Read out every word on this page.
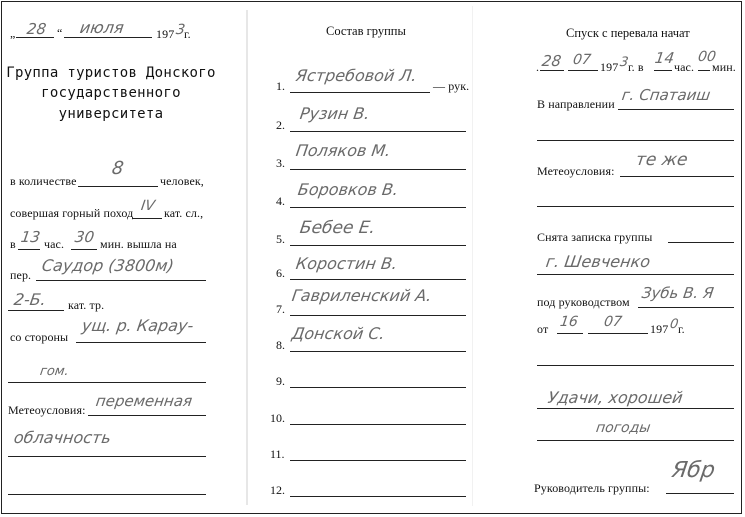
„ 28 “ июля	197 3
г.
Группа туристов Донского
государственного
университета
в количестве
8
человек,
совершая горный поход IV кат. сл.,
в 13 час. 30 мин. вышла на
пер. Саудор (3800м)
2-Б. кат. тр.
со стороны
ущ. р. Карау-
гом.
Метеоусловия: переменная
облачность
Состав группы
1.
Ястребовой Л.
— рук.
2.
Рузин В.
3.
Поляков М.
4.
Боровков В.
5.
Бебее Е.
6. Коростин В.
7.
Гавриленский А.
8.
Донской С.
9.
10.
11.
12.
Спуск с перевала начат
. 28 07 197 3
г. в 14
час.
00
мин.
В направлении г. Спатаиш
Метеоусловия:
те же
Снята записка группы
г. Шевченко
под руководством Зубь В. Я
от 16 07 197 0
г.
Удачи, хорошей
погоды
Руководитель группы:
Ябр
